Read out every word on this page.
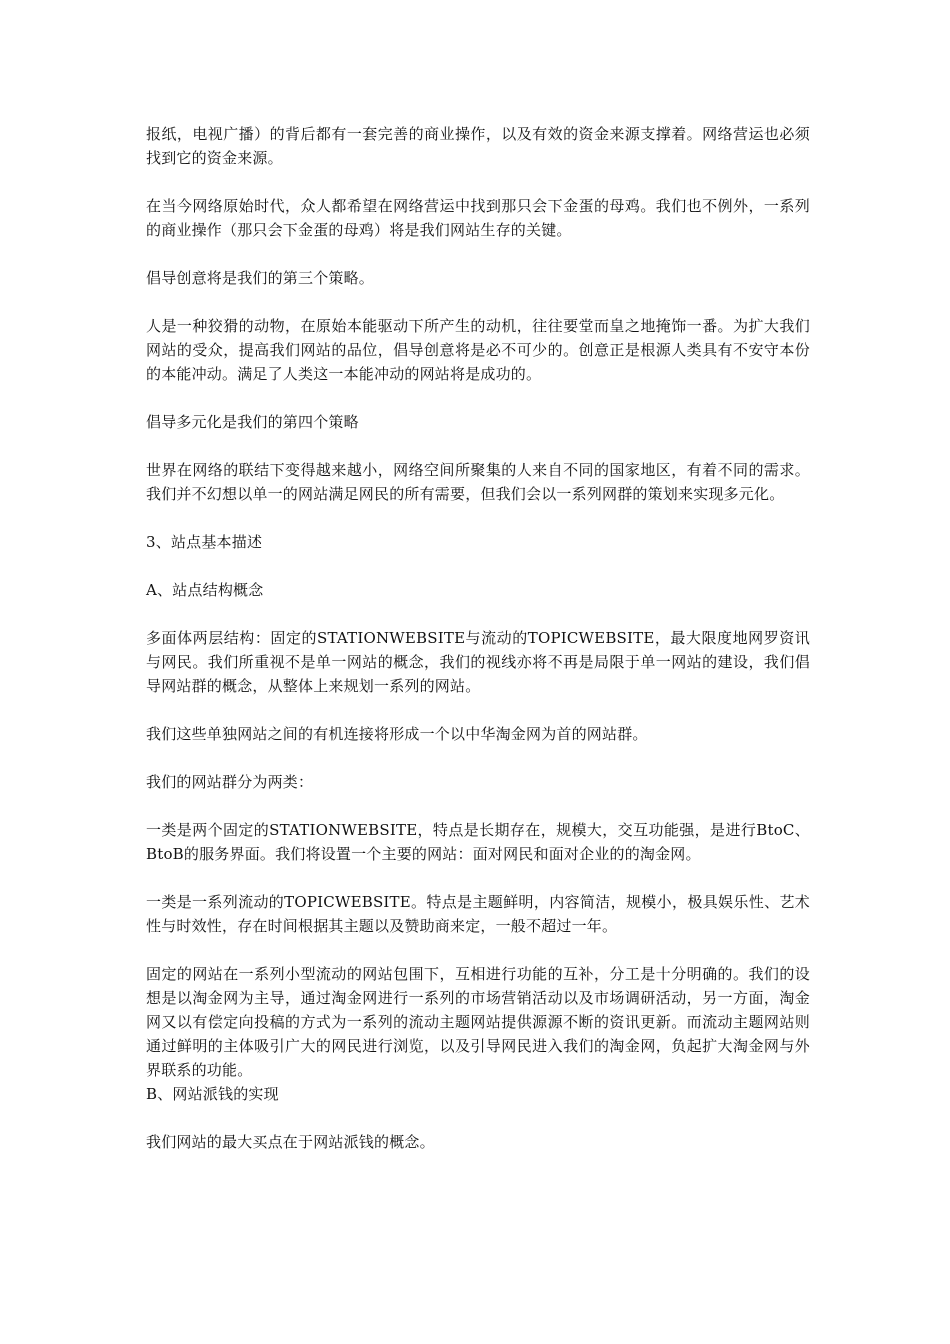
报纸，电视广播）的背后都有一套完善的商业操作，以及有效的资金来源支撑着。网络营运也必须找到它的资金来源。

在当今网络原始时代，众人都希望在网络营运中找到那只会下金蛋的母鸡。我们也不例外，一系列的商业操作（那只会下金蛋的母鸡）将是我们网站生存的关键。

倡导创意将是我们的第三个策略。

人是一种狡猾的动物，在原始本能驱动下所产生的动机，往往要堂而皇之地掩饰一番。为扩大我们网站的受众，提高我们网站的品位，倡导创意将是必不可少的。创意正是根源人类具有不安守本份的本能冲动。满足了人类这一本能冲动的网站将是成功的。

倡导多元化是我们的第四个策略

世界在网络的联结下变得越来越小，网络空间所聚集的人来自不同的国家地区，有着不同的需求。我们并不幻想以单一的网站满足网民的所有需要，但我们会以一系列网群的策划来实现多元化。

3、站点基本描述

A、站点结构概念

多面体两层结构：固定的STATIONWEBSITE与流动的TOPICWEBSITE，最大限度地网罗资讯与网民。我们所重视不是单一网站的概念，我们的视线亦将不再是局限于单一网站的建设，我们倡导网站群的概念，从整体上来规划一系列的网站。

我们这些单独网站之间的有机连接将形成一个以中华淘金网为首的网站群。

我们的网站群分为两类：

一类是两个固定的STATIONWEBSITE，特点是长期存在，规模大，交互功能强，是进行BtoC、BtoB的服务界面。我们将设置一个主要的网站：面对网民和面对企业的的淘金网。

一类是一系列流动的TOPICWEBSITE。特点是主题鲜明，内容简洁，规模小，极具娱乐性、艺术性与时效性，存在时间根据其主题以及赞助商来定，一般不超过一年。

固定的网站在一系列小型流动的网站包围下，互相进行功能的互补，分工是十分明确的。我们的设想是以淘金网为主导，通过淘金网进行一系列的市场营销活动以及市场调研活动，另一方面，淘金网又以有偿定向投稿的方式为一系列的流动主题网站提供源源不断的资讯更新。而流动主题网站则通过鲜明的主体吸引广大的网民进行浏览，以及引导网民进入我们的淘金网，负起扩大淘金网与外界联系的功能。

B、网站派钱的实现

我们网站的最大买点在于网站派钱的概念。
